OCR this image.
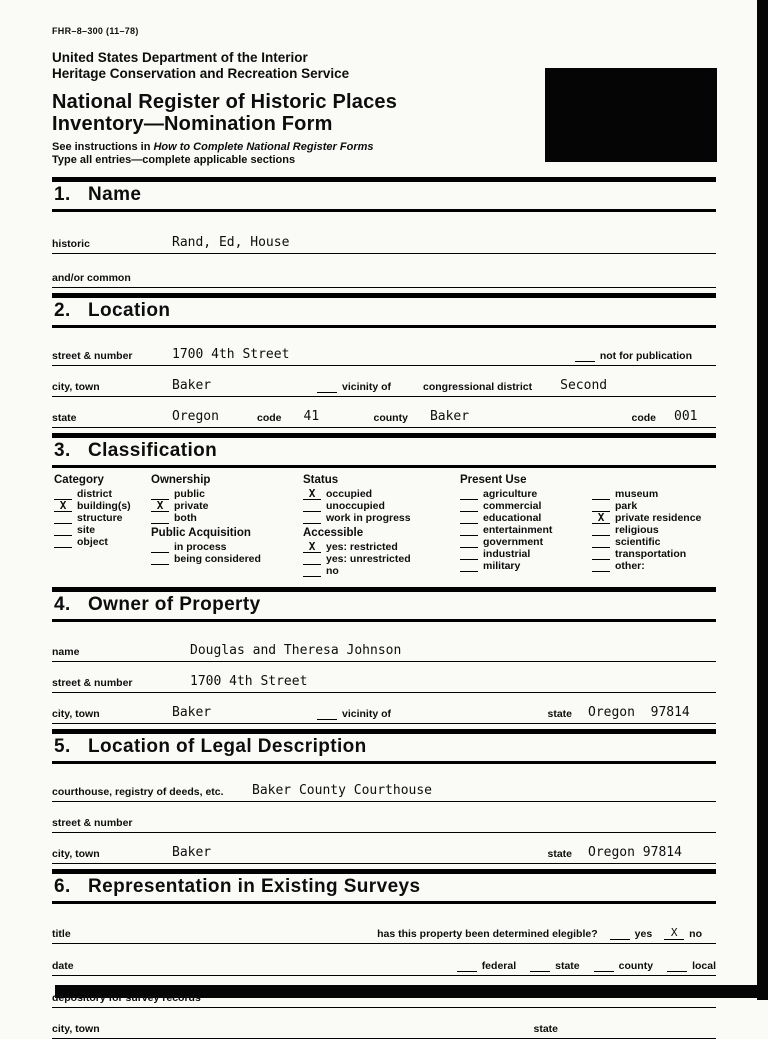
FHR–8–300 (11–78)
United States Department of the Interior
Heritage Conservation and Recreation Service
National Register of Historic Places
Inventory—Nomination Form
See instructions in How to Complete National Register Forms
Type all entries—complete applicable sections
1. Name
historic	Rand, Ed, House
and/or common
2. Location
street & number	1700 4th Street	not for publication
city, town	Baker	vicinity of	congressional district Second
state	Oregon	code 41	county Baker	code 001
3. Classification
Category
district
X	building(s)
structure
site
object
Ownership
public
X	private
both
Public Acquisition
in process
being considered
Status
X	occupied
unoccupied
work in progress
Accessible
X	yes: restricted
yes: unrestricted
no
Present Use
agriculture
commercial
educational
entertainment
government
industrial
military
museum
park
X	private residence
religious
scientific
transportation
other:
4. Owner of Property
name	Douglas and Theresa Johnson
street & number	1700 4th Street
city, town	Baker	vicinity of	state Oregon  97814
5. Location of Legal Description
courthouse, registry of deeds, etc.	Baker County Courthouse
street & number
city, town	Baker	state Oregon 97814
6. Representation in Existing Surveys
title	has this property been determined elegible?	yes	X	no
date	federal	state	county	local
depository for survey records
city, town	state
